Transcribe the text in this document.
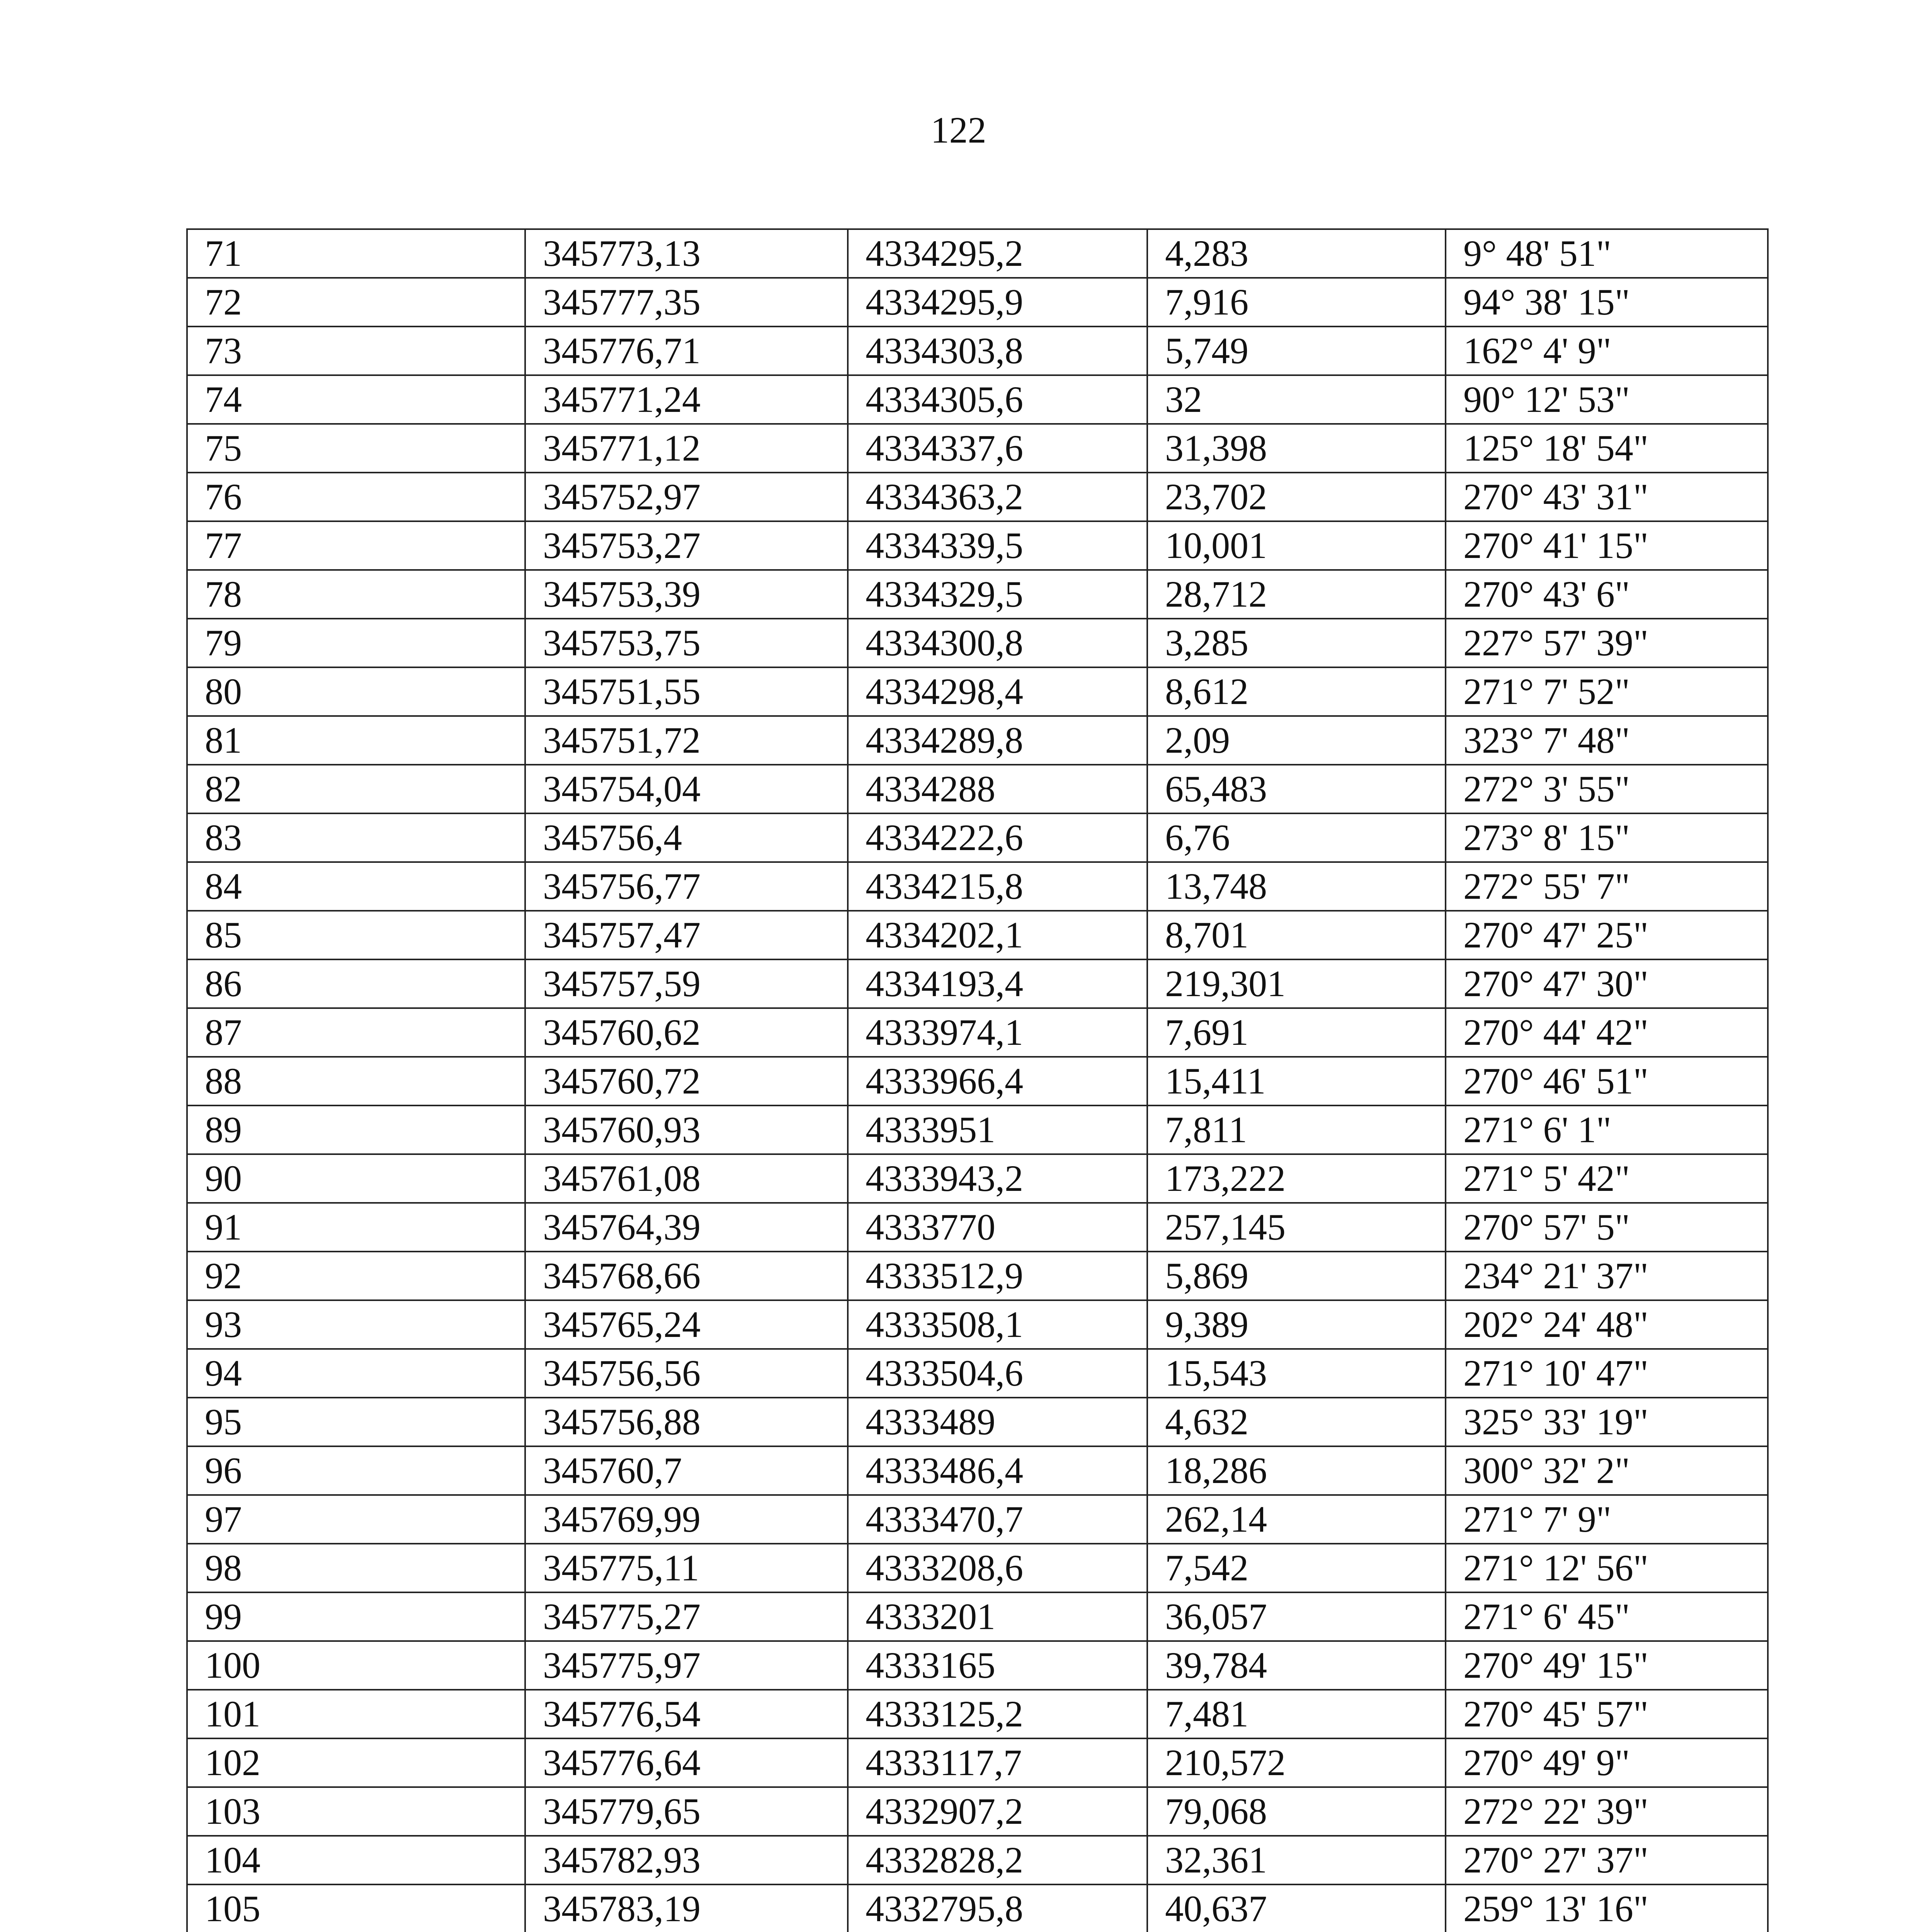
122
71	345773,13	4334295,2	4,283	9° 48' 51"
72	345777,35	4334295,9	7,916	94° 38' 15"
73	345776,71	4334303,8	5,749	162° 4' 9"
74	345771,24	4334305,6	32	90° 12' 53"
75	345771,12	4334337,6	31,398	125° 18' 54"
76	345752,97	4334363,2	23,702	270° 43' 31"
77	345753,27	4334339,5	10,001	270° 41' 15"
78	345753,39	4334329,5	28,712	270° 43' 6"
79	345753,75	4334300,8	3,285	227° 57' 39"
80	345751,55	4334298,4	8,612	271° 7' 52"
81	345751,72	4334289,8	2,09	323° 7' 48"
82	345754,04	4334288	65,483	272° 3' 55"
83	345756,4	4334222,6	6,76	273° 8' 15"
84	345756,77	4334215,8	13,748	272° 55' 7"
85	345757,47	4334202,1	8,701	270° 47' 25"
86	345757,59	4334193,4	219,301	270° 47' 30"
87	345760,62	4333974,1	7,691	270° 44' 42"
88	345760,72	4333966,4	15,411	270° 46' 51"
89	345760,93	4333951	7,811	271° 6' 1"
90	345761,08	4333943,2	173,222	271° 5' 42"
91	345764,39	4333770	257,145	270° 57' 5"
92	345768,66	4333512,9	5,869	234° 21' 37"
93	345765,24	4333508,1	9,389	202° 24' 48"
94	345756,56	4333504,6	15,543	271° 10' 47"
95	345756,88	4333489	4,632	325° 33' 19"
96	345760,7	4333486,4	18,286	300° 32' 2"
97	345769,99	4333470,7	262,14	271° 7' 9"
98	345775,11	4333208,6	7,542	271° 12' 56"
99	345775,27	4333201	36,057	271° 6' 45"
100	345775,97	4333165	39,784	270° 49' 15"
101	345776,54	4333125,2	7,481	270° 45' 57"
102	345776,64	4333117,7	210,572	270° 49' 9"
103	345779,65	4332907,2	79,068	272° 22' 39"
104	345782,93	4332828,2	32,361	270° 27' 37"
105	345783,19	4332795,8	40,637	259° 13' 16"
